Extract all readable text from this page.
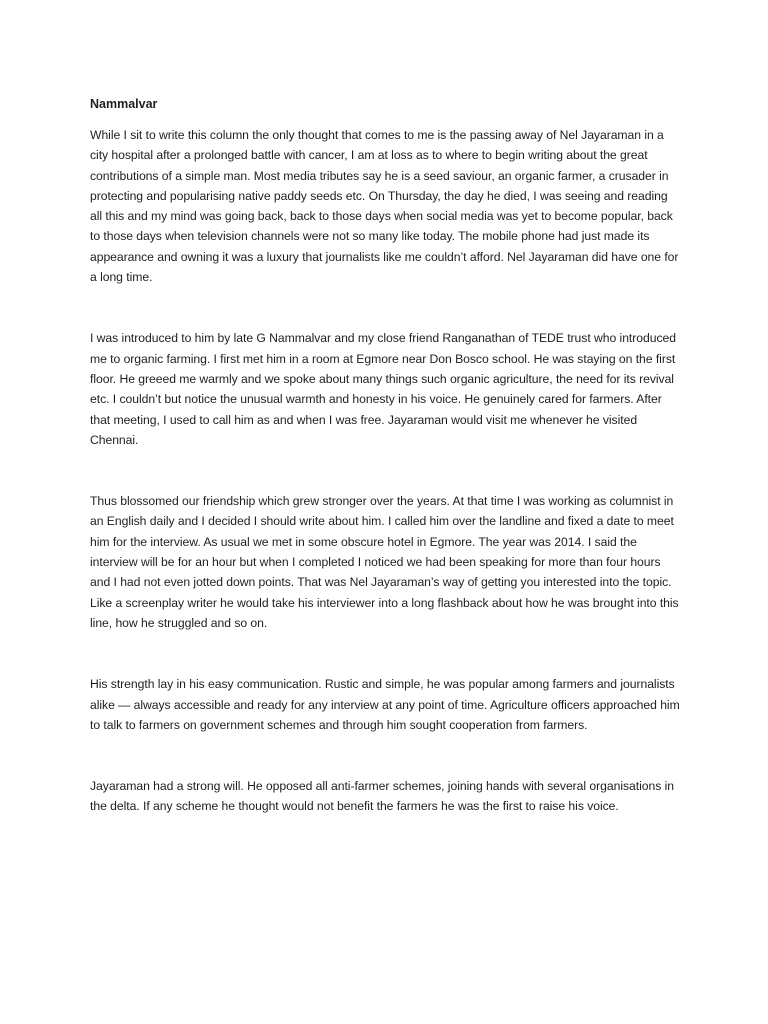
Nammalvar

While I sit to write this column the only thought that comes to me is the passing away of Nel Jayaraman in a city hospital after a prolonged battle with cancer, I am at loss as to where to begin writing about the great contributions of a simple man. Most media tributes say he is a seed saviour, an organic farmer, a crusader in protecting and popularising native paddy seeds etc. On Thursday, the day he died, I was seeing and reading all this and my mind was going back, back to those days when social media was yet to become popular, back to those days when television channels were not so many like today. The mobile phone had just made its appearance and owning it was a luxury that journalists like me couldn’t afford. Nel Jayaraman did have one for a long time.

I was introduced to him by late G Nammalvar and my close friend Ranganathan of TEDE trust who introduced me to organic farming. I first met him in a room at Egmore near Don Bosco school. He was staying on the first floor. He greeed me warmly and we spoke about many things such organic agriculture, the need for its revival etc. I couldn’t but notice the unusual warmth and honesty in his voice. He genuinely cared for farmers. After that meeting, I used to call him as and when I was free. Jayaraman would visit me whenever he visited Chennai.

Thus blossomed our friendship which grew stronger over the years. At that time I was working as columnist in an English daily and I decided I should write about him. I called him over the landline and fixed a date to meet him for the interview. As usual we met in some obscure hotel in Egmore. The year was 2014. I said the interview will be for an hour but when I completed I noticed we had been speaking for more than four hours and I had not even jotted down points. That was Nel Jayaraman’s way of getting you interested into the topic. Like a screenplay writer he would take his interviewer into a long flashback about how he was brought into this line, how he struggled and so on.

His strength lay in his easy communication. Rustic and simple, he was popular among farmers and journalists alike — always accessible and ready for any interview at any point of time. Agriculture officers approached him to talk to farmers on government schemes and through him sought cooperation from farmers.

Jayaraman had a strong will. He opposed all anti-farmer schemes, joining hands with several organisations in the delta. If any scheme he thought would not benefit the farmers he was the first to raise his voice.
